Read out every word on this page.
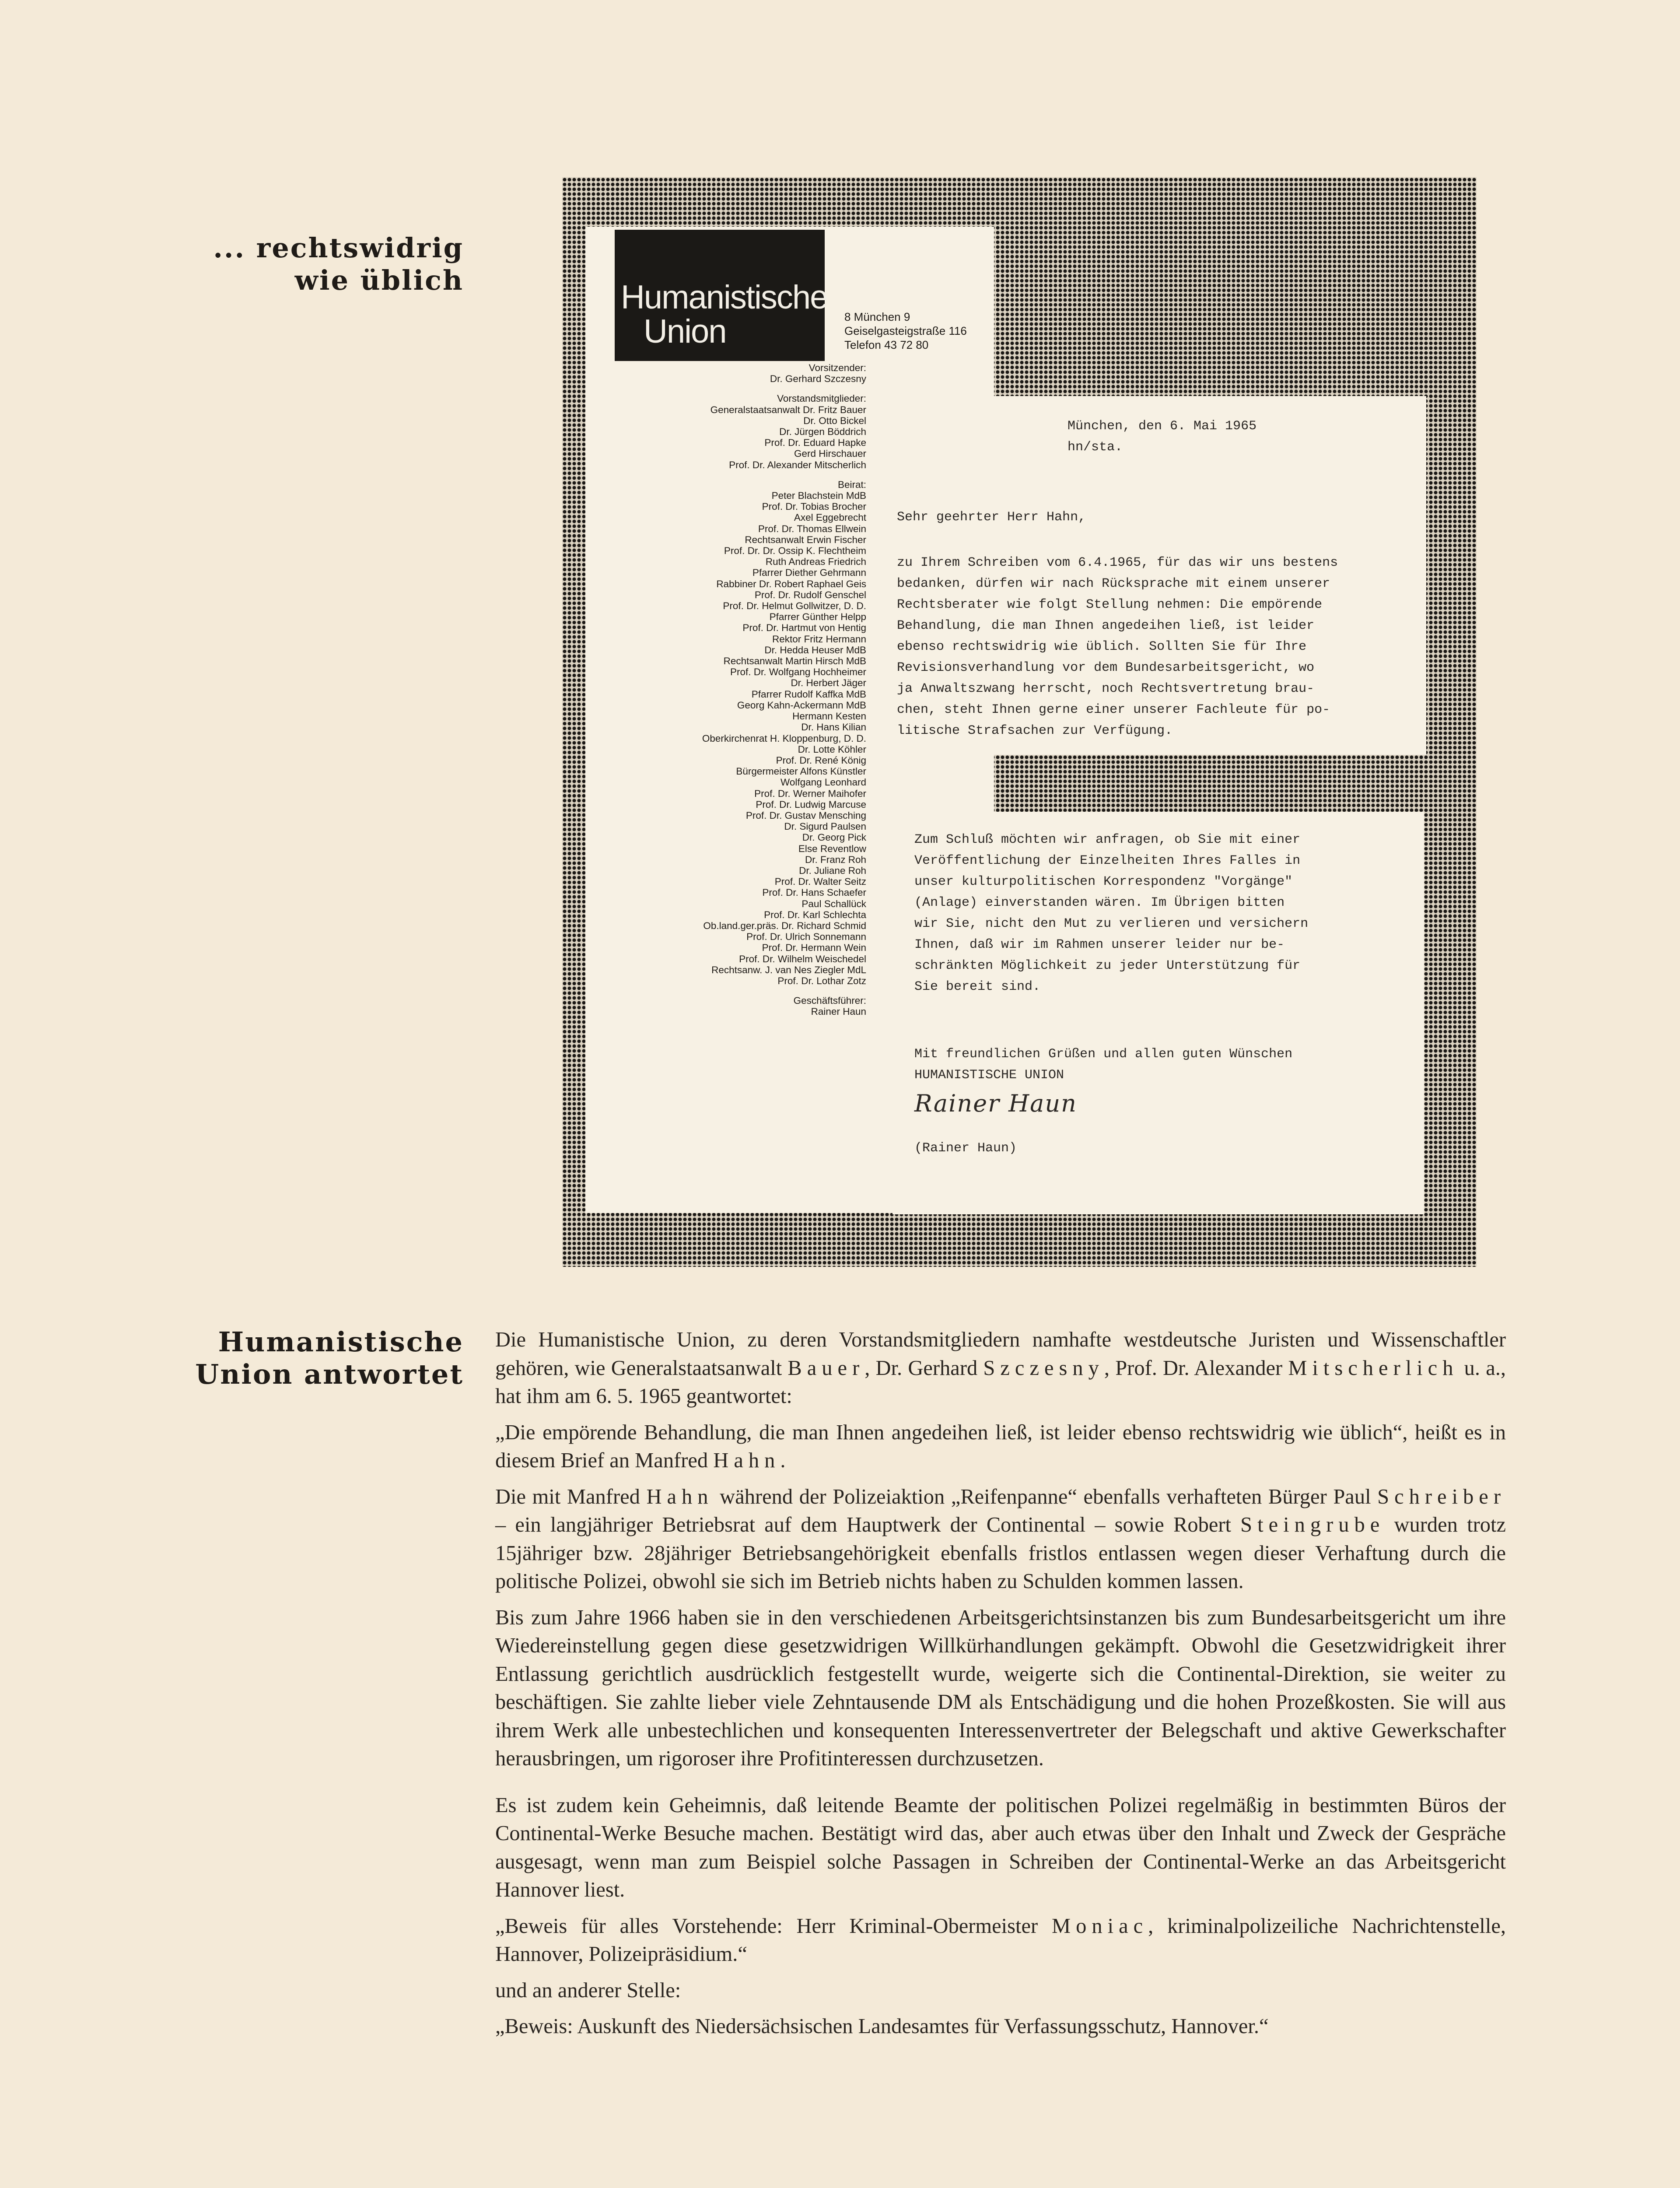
... rechtswidrig
wie üblich	Humanistische
Union	8 München 9
Geiselgasteigstraße 116
Telefon 43 72 80
Vorsitzender:
Dr. Gerhard Szczesny
Vorstandsmitglieder:
Generalstaatsanwalt Dr. Fritz Bauer
Dr. Otto Bickel
Dr. Jürgen Böddrich
Prof. Dr. Eduard Hapke
Gerd Hirschauer
Prof. Dr. Alexander Mitscherlich
Beirat:
Peter Blachstein MdB
Prof. Dr. Tobias Brocher
Axel Eggebrecht
Prof. Dr. Thomas Ellwein
Rechtsanwalt Erwin Fischer
Prof. Dr. Dr. Ossip K. Flechtheim
Ruth Andreas Friedrich
Pfarrer Diether Gehrmann
Rabbiner Dr. Robert Raphael Geis
Prof. Dr. Rudolf Genschel
Prof. Dr. Helmut Gollwitzer, D. D.
Pfarrer Günther Helpp
Prof. Dr. Hartmut von Hentig
Rektor Fritz Hermann
Dr. Hedda Heuser MdB
Rechtsanwalt Martin Hirsch MdB
Prof. Dr. Wolfgang Hochheimer
Dr. Herbert Jäger
Pfarrer Rudolf Kaffka MdB
Georg Kahn-Ackermann MdB
Hermann Kesten
Dr. Hans Kilian
Oberkirchenrat H. Kloppenburg, D. D.
Dr. Lotte Köhler
Prof. Dr. René König
Bürgermeister Alfons Künstler
Wolfgang Leonhard
Prof. Dr. Werner Maihofer
Prof. Dr. Ludwig Marcuse
Prof. Dr. Gustav Mensching
Dr. Sigurd Paulsen
Dr. Georg Pick
Else Reventlow
Dr. Franz Roh
Dr. Juliane Roh
Prof. Dr. Walter Seitz
Prof. Dr. Hans Schaefer
Paul Schallück
Prof. Dr. Karl Schlechta
Ob.land.ger.präs. Dr. Richard Schmid
Prof. Dr. Ulrich Sonnemann
Prof. Dr. Hermann Wein
Prof. Dr. Wilhelm Weischedel
Rechtsanw. J. van Nes Ziegler MdL
Prof. Dr. Lothar Zotz
Geschäftsführer:
Rainer Haun
München, den 6. Mai 1965
hn/sta.
Sehr geehrter Herr Hahn,
zu Ihrem Schreiben vom 6.4.1965, für das wir uns bestens
bedanken, dürfen wir nach Rücksprache mit einem unserer
Rechtsberater wie folgt Stellung nehmen: Die empörende
Behandlung, die man Ihnen angedeihen ließ, ist leider
ebenso rechtswidrig wie üblich. Sollten Sie für Ihre
Revisionsverhandlung vor dem Bundesarbeitsgericht, wo
ja Anwaltszwang herrscht, noch Rechtsvertretung brau-
chen, steht Ihnen gerne einer unserer Fachleute für po-
litische Strafsachen zur Verfügung.
Zum Schluß möchten wir anfragen, ob Sie mit einer
Veröffentlichung der Einzelheiten Ihres Falles in
unser kulturpolitischen Korrespondenz "Vorgänge"
(Anlage) einverstanden wären. Im Übrigen bitten
wir Sie, nicht den Mut zu verlieren und versichern
Ihnen, daß wir im Rahmen unserer leider nur be-
schränkten Möglichkeit zu jeder Unterstützung für
Sie bereit sind.
Mit freundlichen Grüßen und allen guten Wünschen
HUMANISTISCHE UNION
Rainer Haun
(Rainer Haun)
Humanistische
Union antwortet

Die Humanistische Union, zu deren Vorstandsmitgliedern namhafte westdeutsche Juristen und Wissenschaftler gehören, wie Generalstaatsanwalt Bauer, Dr. Gerhard Szczesny, Prof. Dr. Alexander Mitscherlich u. a., hat ihm am 6. 5. 1965 geantwortet:

„Die empörende Behandlung, die man Ihnen angedeihen ließ, ist leider ebenso rechtswidrig wie üblich“, heißt es in diesem Brief an Manfred Hahn.

Die mit Manfred Hahn während der Polizeiaktion „Reifenpanne“ ebenfalls verhafteten Bürger Paul Schreiber – ein langjähriger Betriebsrat auf dem Hauptwerk der Continental – sowie Robert Steingrube wurden trotz 15jähriger bzw. 28jähriger Betriebsangehörigkeit ebenfalls fristlos entlassen wegen dieser Verhaftung durch die politische Polizei, obwohl sie sich im Betrieb nichts haben zu Schulden kommen lassen.

Bis zum Jahre 1966 haben sie in den verschiedenen Arbeitsgerichtsinstanzen bis zum Bundesarbeitsgericht um ihre Wiedereinstellung gegen diese gesetzwidrigen Willkürhandlungen gekämpft. Obwohl die Gesetzwidrigkeit ihrer Entlassung gerichtlich ausdrücklich festgestellt wurde, weigerte sich die Continental-Direktion, sie weiter zu beschäftigen. Sie zahlte lieber viele Zehntausende DM als Entschädigung und die hohen Prozeßkosten. Sie will aus ihrem Werk alle unbestechlichen und konsequenten Interessenvertreter der Belegschaft und aktive Gewerkschafter herausbringen, um rigoroser ihre Profitinteressen durchzusetzen.

Es ist zudem kein Geheimnis, daß leitende Beamte der politischen Polizei regelmäßig in bestimmten Büros der Continental-Werke Besuche machen. Bestätigt wird das, aber auch etwas über den Inhalt und Zweck der Gespräche ausgesagt, wenn man zum Beispiel solche Passagen in Schreiben der Continental-Werke an das Arbeitsgericht Hannover liest.

„Beweis für alles Vorstehende: Herr Kriminal-Obermeister Moniac, kriminalpolizeiliche Nachrichtenstelle, Hannover, Polizeipräsidium.“

und an anderer Stelle:

„Beweis: Auskunft des Niedersächsischen Landesamtes für Verfassungsschutz, Hannover.“
